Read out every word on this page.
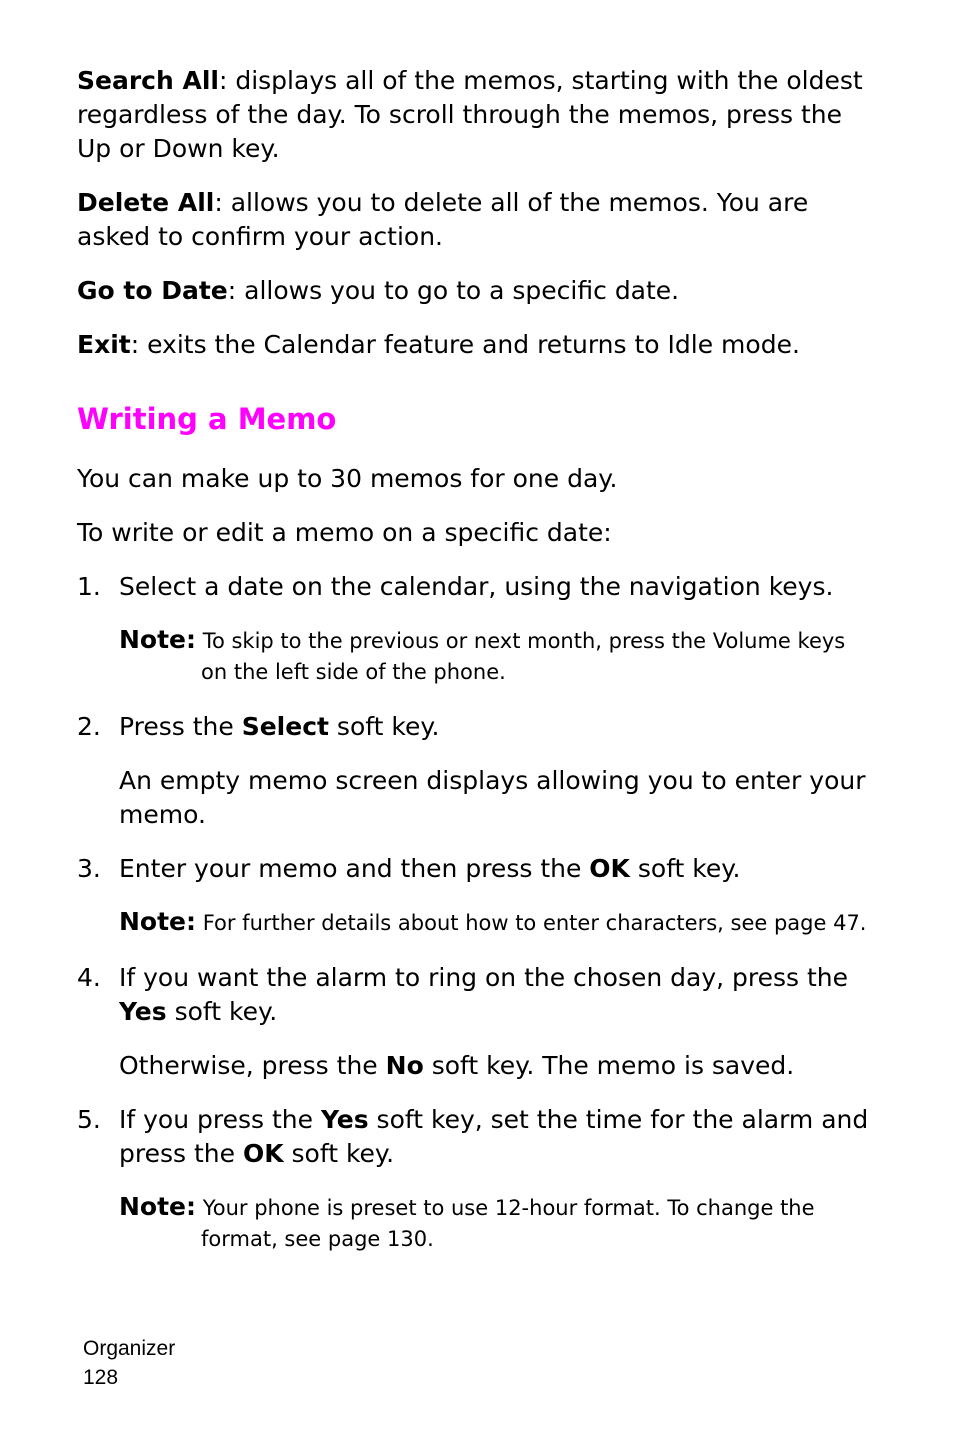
Search All: displays all of the memos, starting with the oldest regardless of the day. To scroll through the memos, press the Up or Down key.

Delete All: allows you to delete all of the memos. You are asked to confirm your action.

Go to Date: allows you to go to a specific date.

Exit: exits the Calendar feature and returns to Idle mode.

Writing a Memo

You can make up to 30 memos for one day.

To write or edit a memo on a specific date:

1. Select a date on the calendar, using the navigation keys.

Note: To skip to the previous or next month, press the Volume keys on the left side of the phone.

2. Press the Select soft key.

An empty memo screen displays allowing you to enter your memo.

3. Enter your memo and then press the OK soft key.

Note: For further details about how to enter characters, see page 47.

4. If you want the alarm to ring on the chosen day, press the Yes soft key.

Otherwise, press the No soft key. The memo is saved.

5. If you press the Yes soft key, set the time for the alarm and press the OK soft key.

Note: Your phone is preset to use 12-hour format. To change the format, see page 130.

Organizer
128
